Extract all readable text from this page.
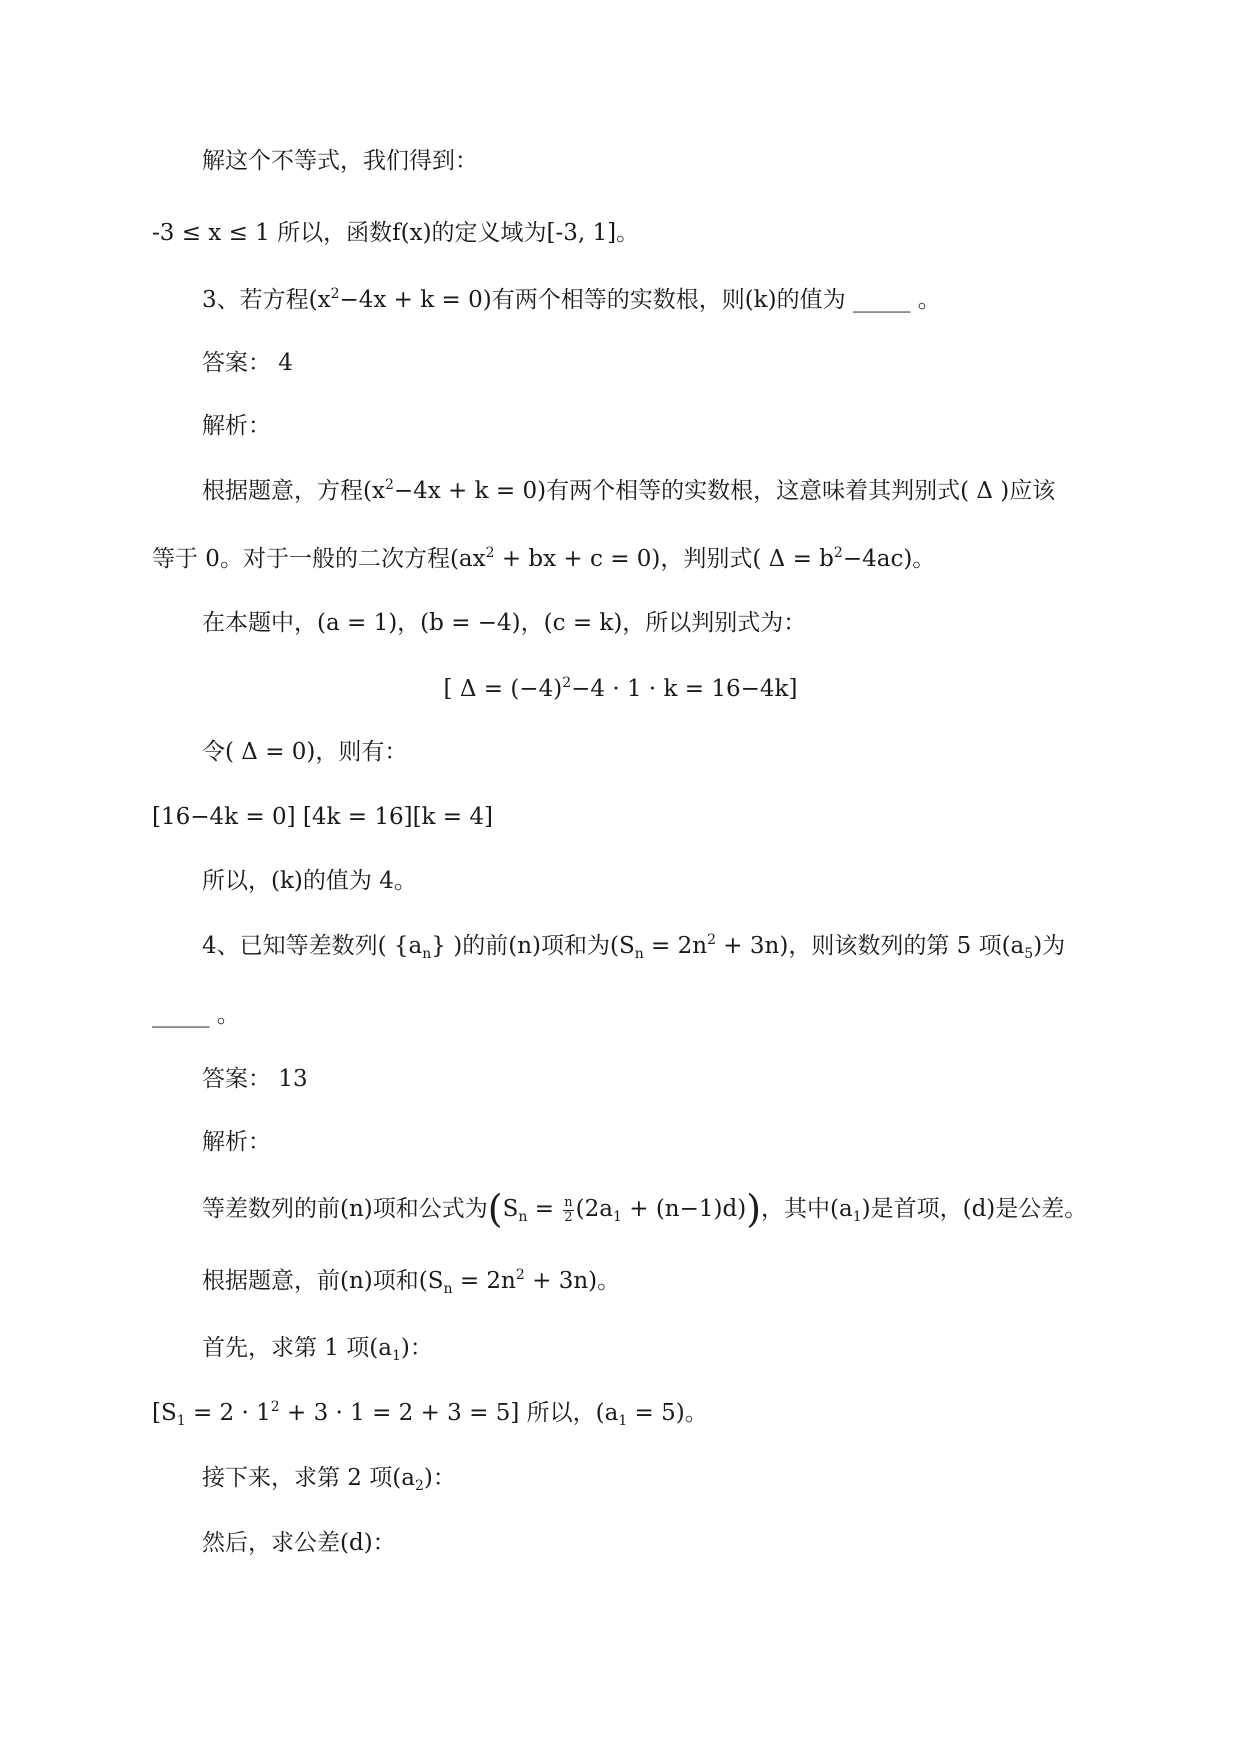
解这个不等式，我们得到：
-3 ≤ x ≤ 1 所以，函数f(x)的定义域为[-3, 1]。
3、若方程$(x^2-4x + k = 0)$有两个相等的实数根，则(k)的值为 _____ 。
答案： 4
解析：
根据题意，方程$(x^2-4x + k = 0)$有两个相等的实数根，这意味着其判别式( Δ )应该
等于 0。对于一般的二次方程($ax^2$ + bx + c = 0)，判别式( $\Delta = b^2-4ac$)。
在本题中，(a = 1)，(b = −4)，(c = k)，所以判别式为：
[ $\Delta = (-4)^2-4 \cdot 1 \cdot k = 16-4k$]
令( Δ = 0)，则有：
[16−4k = 0] [4k = 16][k = 4]
所以，(k)的值为 4。
4、已知等差数列( $\{a_n\}$ )的前(n)项和为$(S_n = 2n^2 + 3n)$，则该数列的第 5 项$(a_5)$为
_____ 。
答案： 13
解析：
等差数列的前(n)项和公式为$(S_n = \frac{n}{2} (2a_1 + (n-1)d))$，其中$(a_1)$是首项，(d)是公差。
根据题意，前(n)项和$(S_n = 2n^2 + 3n)$。
首先，求第 1 项$(a_1)$：
$[S_1 = 2 \cdot 1^2 + 3 \cdot 1 = 2 + 3 = 5]$ 所以，$(a_1 = 5)$。
接下来，求第 2 项$(a_2)$：
然后，求公差(d)：
